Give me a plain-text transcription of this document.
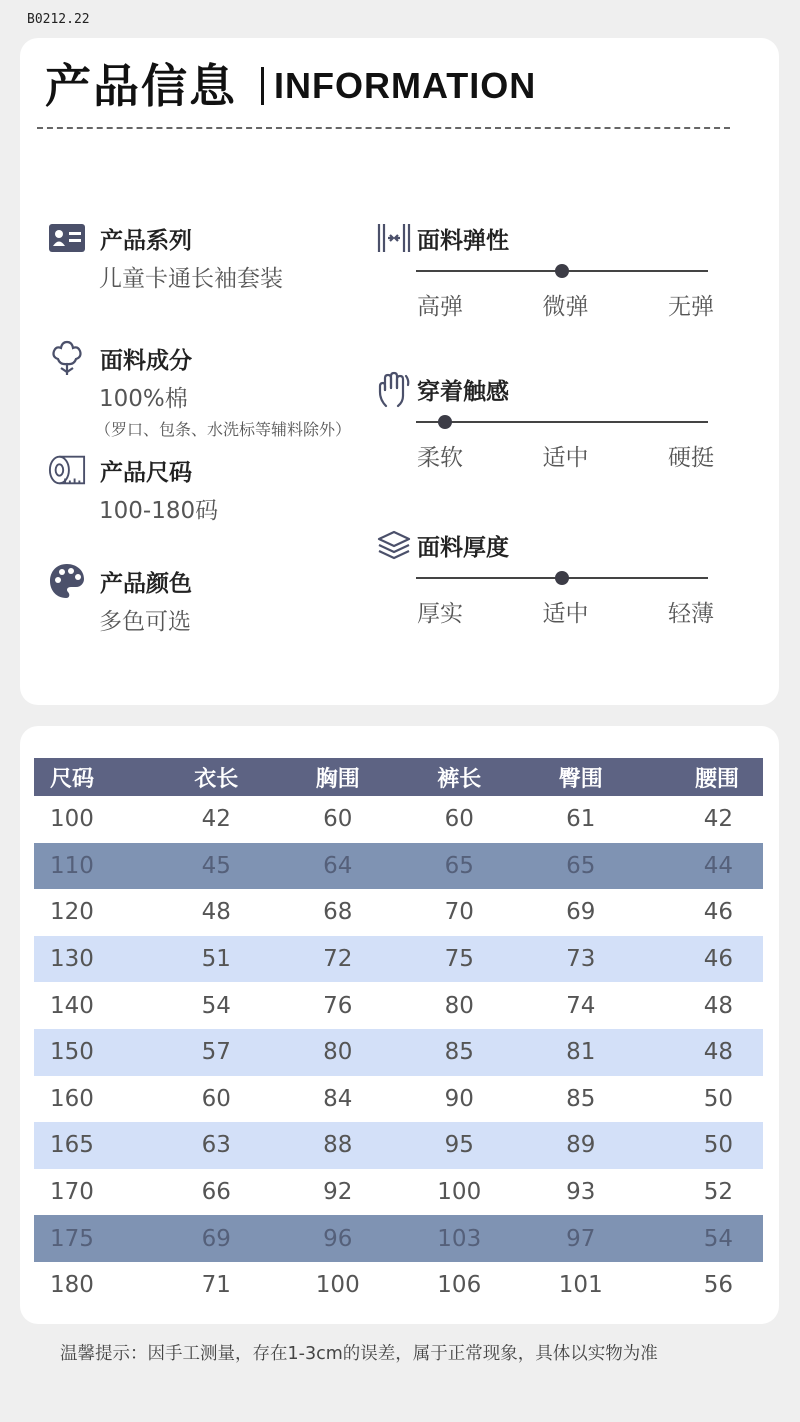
B0212.22
产品信息 INFORMATION
产品系列
儿童卡通长袖套装
面料成分
100%棉
（罗口、包条、水洗标等辅料除外）
产品尺码
100-180码
产品颜色
多色可选
面料弹性
高弹	微弹	无弹
穿着触感
柔软	适中	硬挺
面料厚度
厚实	适中	轻薄
尺码	衣长	胸围	裤长	臀围	腰围
100	42	60	60	61	42
110	45	64	65	65	44
120	48	68	70	69	46
130	51	72	75	73	46
140	54	76	80	74	48
150	57	80	85	81	48
160	60	84	90	85	50
165	63	88	95	89	50
170	66	92	100	93	52
175	69	96	103	97	54
180	71	100	106	101	56
温馨提示：因手工测量，存在1-3cm的误差，属于正常现象，具体以实物为准
